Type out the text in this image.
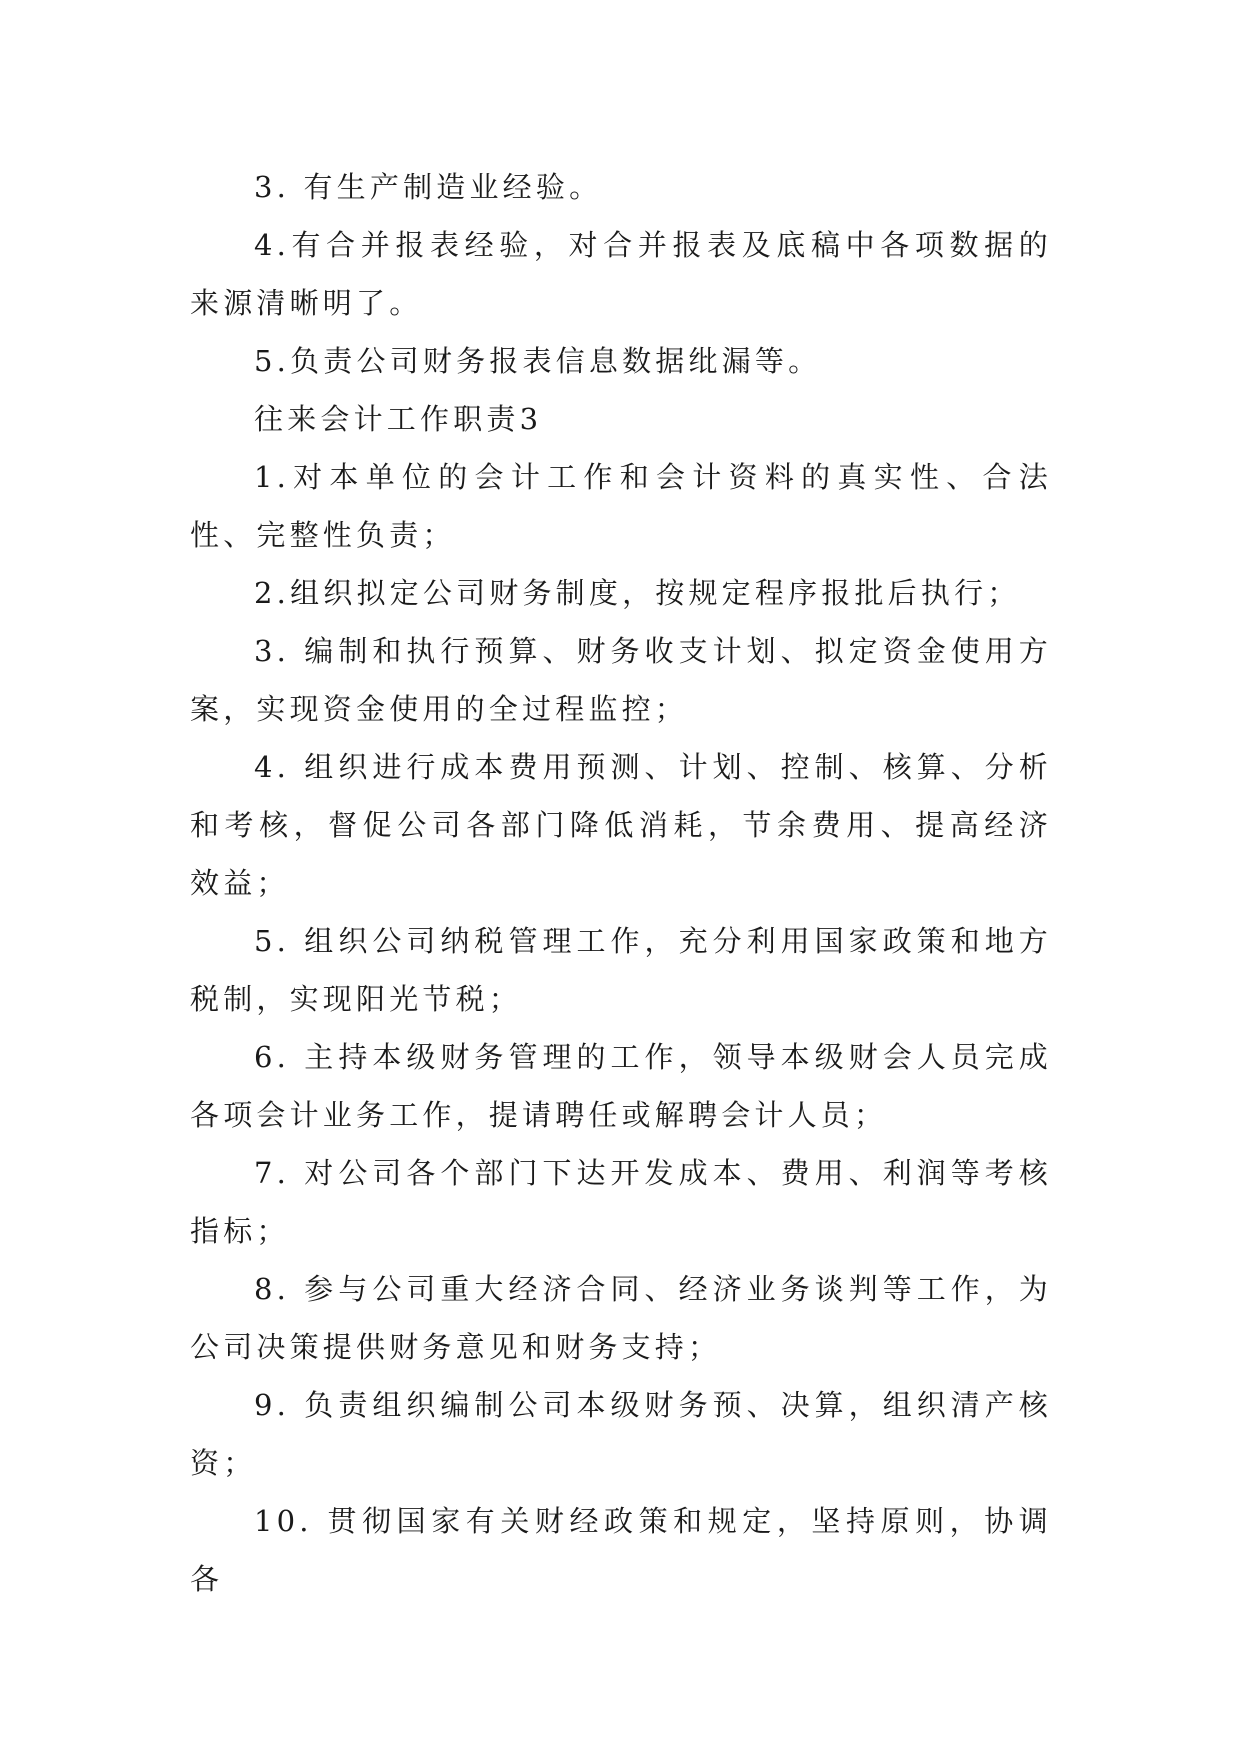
3. 有生产制造业经验。

4.有合并报表经验，对合并报表及底稿中各项数据的来源清晰明了。

5.负责公司财务报表信息数据纰漏等。

往来会计工作职责3

1.对本单位的会计工作和会计资料的真实性、合法性、完整性负责；

2.组织拟定公司财务制度，按规定程序报批后执行；

3. 编制和执行预算、财务收支计划、拟定资金使用方案，实现资金使用的全过程监控；

4. 组织进行成本费用预测、计划、控制、核算、分析和考核，督促公司各部门降低消耗，节余费用、提高经济效益；

5. 组织公司纳税管理工作，充分利用国家政策和地方税制，实现阳光节税；

6. 主持本级财务管理的工作，领导本级财会人员完成各项会计业务工作，提请聘任或解聘会计人员；

7. 对公司各个部门下达开发成本、费用、利润等考核指标；

8. 参与公司重大经济合同、经济业务谈判等工作，为公司决策提供财务意见和财务支持；

9. 负责组织编制公司本级财务预、决算，组织清产核资；

10. 贯彻国家有关财经政策和规定，坚持原则，协调各
